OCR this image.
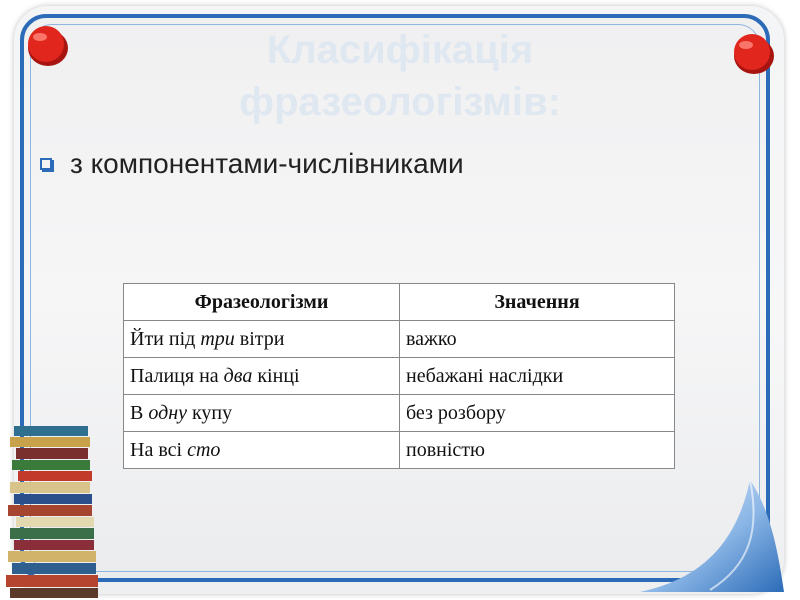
Класифікація
фразеологізмів:
з компонентами-числівниками
Фразеологізми	Значення
Йти під три вітри	важко
Палиця на два кінці	небажані наслідки
В одну купу	без розбору
На всі сто	повністю
